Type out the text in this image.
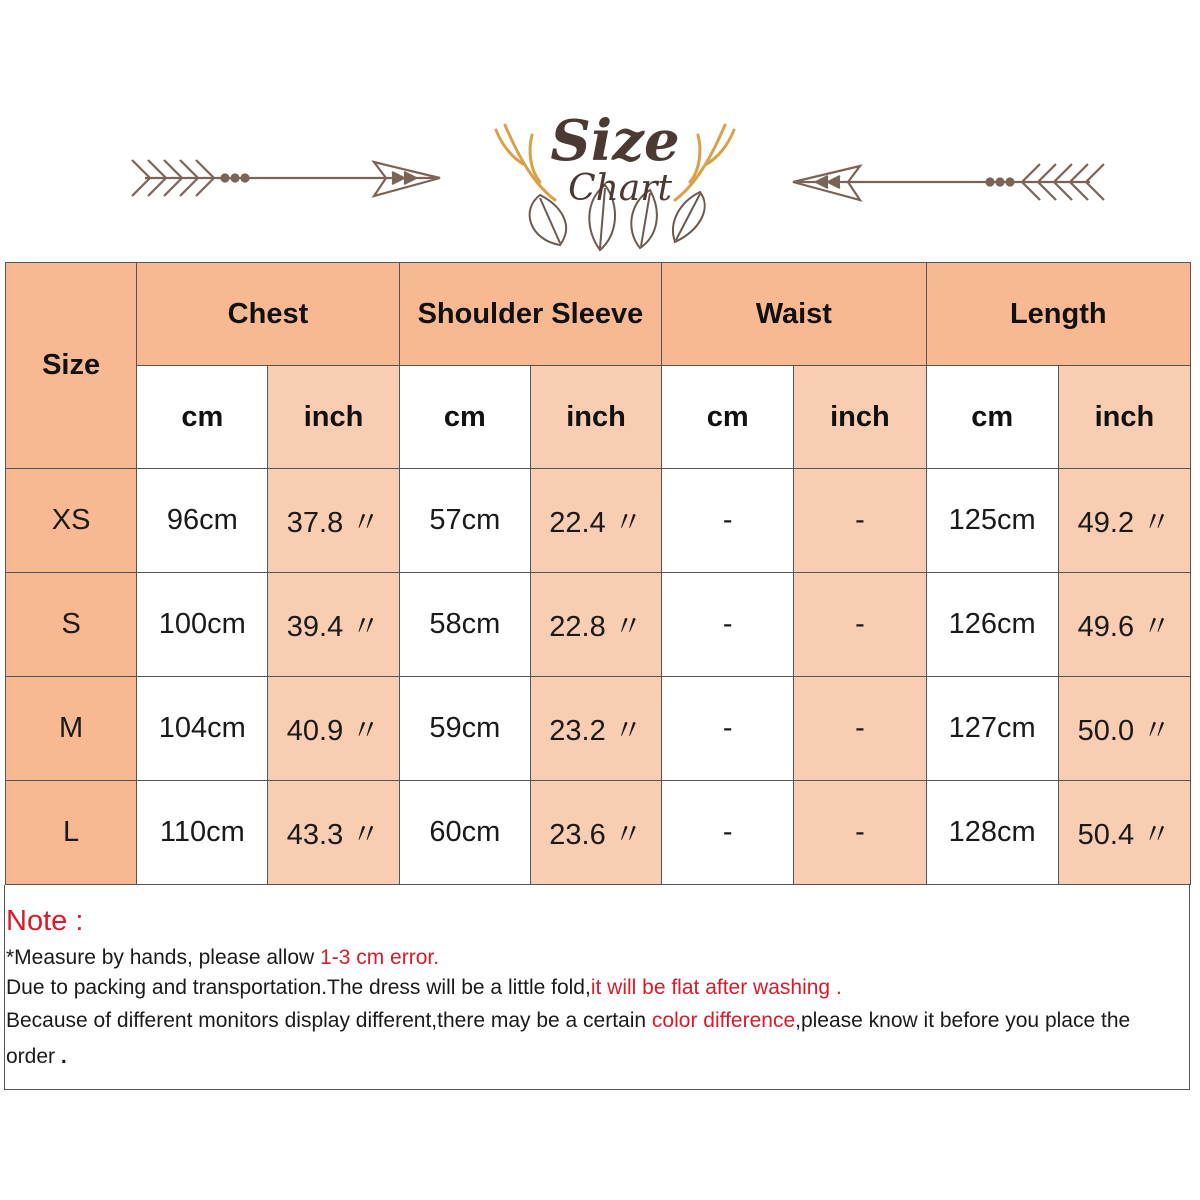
Size
Chart
Size	Chest		Shoulder Sleeve		Waist		Length	
	cm	inch	cm	inch	cm	inch	cm	inch
XS	96cm	37.8 〃	57cm	22.4 〃	-	-	125cm	49.2 〃
S	100cm	39.4 〃	58cm	22.8 〃	-	-	126cm	49.6 〃
M	104cm	40.9 〃	59cm	23.2 〃	-	-	127cm	50.0 〃
L	110cm	43.3 〃	60cm	23.6 〃	-	-	128cm	50.4 〃
Note :
*Measure by hands, please allow 1-3 cm error.
Due to packing and transportation.The dress will be a little fold,it will be flat after washing .
Because of different monitors display different,there may be a certain color difference,please know it before you place the order .
